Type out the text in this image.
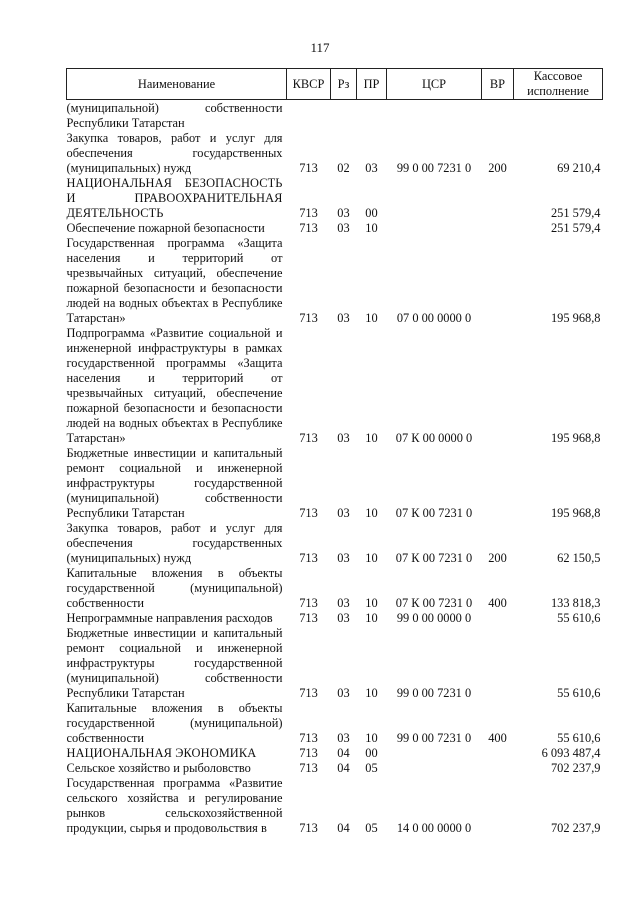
117
Наименование	КВСР	Рз	ПР	ЦСР	ВР	Кассовое исполнение
(муниципальной) собственности Республики Татарстан						
Закупка товаров, работ и услуг для обеспечения государственных (муниципальных) нужд	713	02	03	99 0 00 7231 0	200	69 210,4
НАЦИОНАЛЬНАЯ БЕЗОПАСНОСТЬ И ПРАВООХРАНИТЕЛЬНАЯ ДЕЯТЕЛЬНОСТЬ	713	03	00			251 579,4
Обеспечение пожарной безопасности	713	03	10			251 579,4
Государственная программа «Защита населения и территорий от чрезвычайных ситуаций, обеспечение пожарной безопасности и безопасности людей на водных объектах в Республике Татарстан»	713	03	10	07 0 00 0000 0		195 968,8
Подпрограмма «Развитие социальной и инженерной инфраструктуры в рамках государственной программы «Защита населения и территорий от чрезвычайных ситуаций, обеспечение пожарной безопасности и безопасности людей на водных объектах в Республике Татарстан»	713	03	10	07 К 00 0000 0		195 968,8
Бюджетные инвестиции и капитальный ремонт социальной и инженерной инфраструктуры государственной (муниципальной) собственности Республики Татарстан	713	03	10	07 К 00 7231 0		195 968,8
Закупка товаров, работ и услуг для обеспечения государственных (муниципальных) нужд	713	03	10	07 К 00 7231 0	200	62 150,5
Капитальные вложения в объекты государственной (муниципальной) собственности	713	03	10	07 К 00 7231 0	400	133 818,3
Непрограммные направления расходов	713	03	10	99 0 00 0000 0		55 610,6
Бюджетные инвестиции и капитальный ремонт социальной и инженерной инфраструктуры государственной (муниципальной) собственности Республики Татарстан	713	03	10	99 0 00 7231 0		55 610,6
Капитальные вложения в объекты государственной (муниципальной) собственности	713	03	10	99 0 00 7231 0	400	55 610,6
НАЦИОНАЛЬНАЯ ЭКОНОМИКА	713	04	00			6 093 487,4
Сельское хозяйство и рыболовство	713	04	05			702 237,9
Государственная программа «Развитие сельского хозяйства и регулирование рынков сельскохозяйственной продукции, сырья и продовольствия в	713	04	05	14 0 00 0000 0		702 237,9
